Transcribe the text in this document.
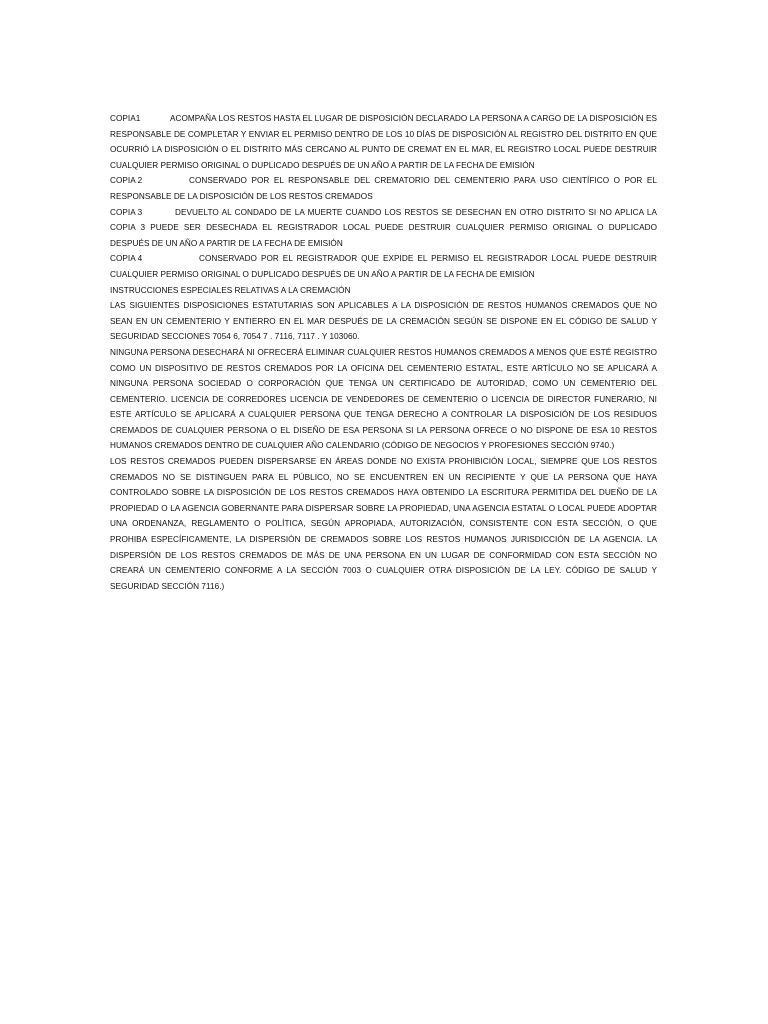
COPIA1	ACOMPAÑA LOS RESTOS HASTA EL LUGAR DE DISPOSICIÓN DECLARADO LA PERSONA A CARGO DE LA DISPOSICIÓN ES RESPONSABLE DE COMPLETAR Y ENVIAR EL PERMISO DENTRO DE LOS 10 DÍAS DE DISPOSICIÓN AL REGISTRO DEL DISTRITO EN QUE OCURRIÓ LA DISPOSICIÓN O EL DISTRITO MÁS CERCANO AL PUNTO DE CREMAT EN EL MAR, EL REGISTRO LOCAL PUEDE DESTRUIR CUALQUIER PERMISO ORIGINAL O DUPLICADO DESPUÉS DE UN AÑO A PARTIR DE LA FECHA DE EMISIÓN

COPIA 2	CONSERVADO POR EL RESPONSABLE DEL CREMATORIO DEL CEMENTERIO PARA USO CIENTÍFICO O POR EL RESPONSABLE DE LA DISPOSICIÓN DE LOS RESTOS CREMADOS

COPIA 3	DEVUELTO AL CONDADO DE LA MUERTE CUANDO LOS RESTOS SE DESECHAN EN OTRO DISTRITO SI NO APLICA LA COPIA 3 PUEDE SER DESECHADA EL REGISTRADOR LOCAL PUEDE DESTRUIR CUALQUIER PERMISO ORIGINAL O DUPLICADO DESPUÉS DE UN AÑO A PARTIR DE LA FECHA DE EMISIÓN

COPIA 4	CONSERVADO POR EL REGISTRADOR QUE EXPIDE EL PERMISO EL REGISTRADOR LOCAL PUEDE DESTRUIR CUALQUIER PERMISO ORIGINAL O DUPLICADO DESPUÉS DE UN AÑO A PARTIR DE LA FECHA DE EMISIÓN

INSTRUCCIONES ESPECIALES RELATIVAS A LA CREMACIÓN

LAS SIGUIENTES DISPOSICIONES ESTATUTARIAS SON APLICABLES A LA DISPOSICIÓN DE RESTOS HUMANOS CREMADOS QUE NO SEAN EN UN CEMENTERIO Y ENTIERRO EN EL MAR DESPUÉS DE LA CREMACIÓN SEGÚN SE DISPONE EN EL CÓDIGO DE SALUD Y SEGURIDAD SECCIONES 7054 6, 7054 7 . 7116, 7117 . Y 103060.

NINGUNA PERSONA DESECHARÁ NI OFRECERÁ ELIMINAR CUALQUIER RESTOS HUMANOS CREMADOS A MENOS QUE ESTÉ REGISTRO COMO UN DISPOSITIVO DE RESTOS CREMADOS POR LA OFICINA DEL CEMENTERIO ESTATAL, ESTE ARTÍCULO NO SE APLICARÁ A NINGUNA PERSONA SOCIEDAD O CORPORACIÓN QUE TENGA UN CERTIFICADO DE AUTORIDAD, COMO UN CEMENTERIO DEL CEMENTERIO. LICENCIA DE CORREDORES LICENCIA DE VENDEDORES DE CEMENTERIO O LICENCIA DE DIRECTOR FUNERARIO, NI ESTE ARTÍCULO SE APLICARÁ A CUALQUIER PERSONA QUE TENGA DERECHO A CONTROLAR LA DISPOSICIÓN DE LOS RESIDUOS CREMADOS DE CUALQUIER PERSONA O EL DISEÑO DE ESA PERSONA SI LA PERSONA OFRECE O NO DISPONE DE ESA 10 RESTOS HUMANOS CREMADOS DENTRO DE CUALQUIER AÑO CALENDARIO (CÓDIGO DE NEGOCIOS Y PROFESIONES SECCIÓN 9740.)

LOS RESTOS CREMADOS PUEDEN DISPERSARSE EN ÁREAS DONDE NO EXISTA PROHIBICIÓN LOCAL, SIEMPRE QUE LOS RESTOS CREMADOS NO SE DISTINGUEN PARA EL PÚBLICO, NO SE ENCUENTREN EN UN RECIPIENTE Y QUE LA PERSONA QUE HAYA CONTROLADO SOBRE LA DISPOSICIÓN DE LOS RESTOS CREMADOS HAYA OBTENIDO LA ESCRITURA PERMITIDA DEL DUEÑO DE LA PROPIEDAD O LA AGENCIA GOBERNANTE PARA DISPERSAR SOBRE LA PROPIEDAD, UNA AGENCIA ESTATAL O LOCAL PUEDE ADOPTAR UNA ORDENANZA, REGLAMENTO O POLÍTICA, SEGÚN APROPIADA, AUTORIZACIÓN, CONSISTENTE CON ESTA SECCIÓN, O QUE PROHIBA ESPECÍFICAMENTE, LA DISPERSIÓN DE CREMADOS SOBRE LOS RESTOS HUMANOS JURISDICCIÓN DE LA AGENCIA. LA DISPERSIÓN DE LOS RESTOS CREMADOS DE MÁS DE UNA PERSONA EN UN LUGAR DE CONFORMIDAD CON ESTA SECCIÓN NO CREARÁ UN CEMENTERIO CONFORME A LA SECCIÓN 7003 O CUALQUIER OTRA DISPOSICIÓN DE LA LEY. CÓDIGO DE SALUD Y SEGURIDAD SECCIÓN 7116.)
